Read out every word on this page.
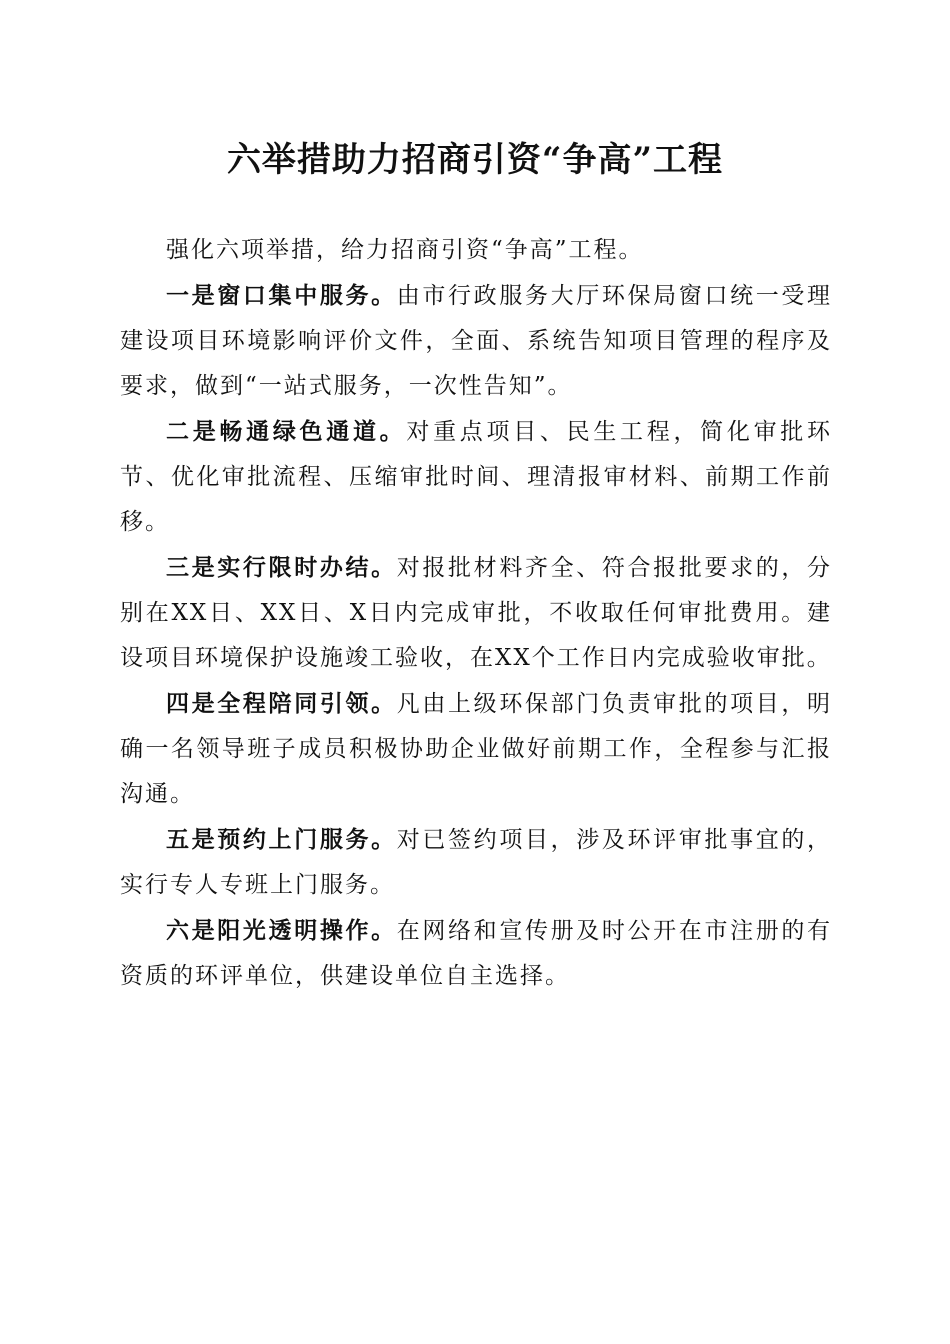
六举措助力招商引资“争高”工程

强化六项举措，给力招商引资“争高”工程。

一是窗口集中服务。由市行政服务大厅环保局窗口统一受理建设项目环境影响评价文件，全面、系统告知项目管理的程序及要求，做到“一站式服务，一次性告知”。

二是畅通绿色通道。对重点项目、民生工程，简化审批环节、优化审批流程、压缩审批时间、理清报审材料、前期工作前移。

三是实行限时办结。对报批材料齐全、符合报批要求的，分别在XX日、XX日、X日内完成审批，不收取任何审批费用。建设项目环境保护设施竣工验收，在XX个工作日内完成验收审批。

四是全程陪同引领。凡由上级环保部门负责审批的项目，明确一名领导班子成员积极协助企业做好前期工作，全程参与汇报沟通。

五是预约上门服务。对已签约项目，涉及环评审批事宜的，实行专人专班上门服务。

六是阳光透明操作。在网络和宣传册及时公开在市注册的有资质的环评单位，供建设单位自主选择。
